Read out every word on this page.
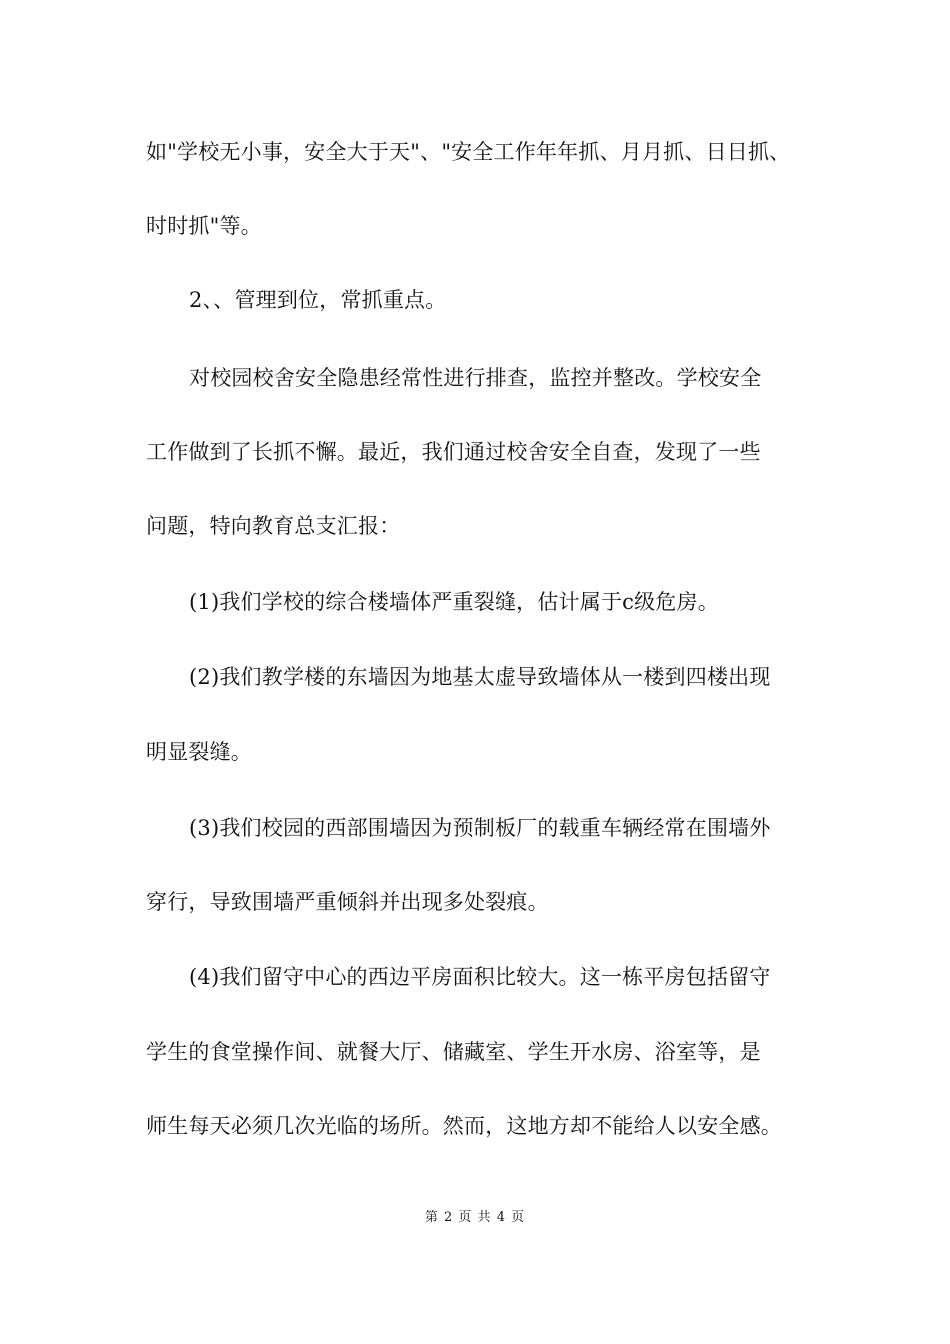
如"学校无小事，安全大于天"、"安全工作年年抓、月月抓、日日抓、
时时抓"等。
2、、管理到位，常抓重点。
对校园校舍安全隐患经常性进行排查，监控并整改。学校安全
工作做到了长抓不懈。最近，我们通过校舍安全自查，发现了一些
问题，特向教育总支汇报：
(1)我们学校的综合楼墙体严重裂缝，估计属于c级危房。
(2)我们教学楼的东墙因为地基太虚导致墙体从一楼到四楼出现
明显裂缝。
(3)我们校园的西部围墙因为预制板厂的载重车辆经常在围墙外
穿行，导致围墙严重倾斜并出现多处裂痕。
(4)我们留守中心的西边平房面积比较大。这一栋平房包括留守
学生的食堂操作间、就餐大厅、储藏室、学生开水房、浴室等，是
师生每天必须几次光临的场所。然而，这地方却不能给人以安全感。
第 2 页 共 4 页
